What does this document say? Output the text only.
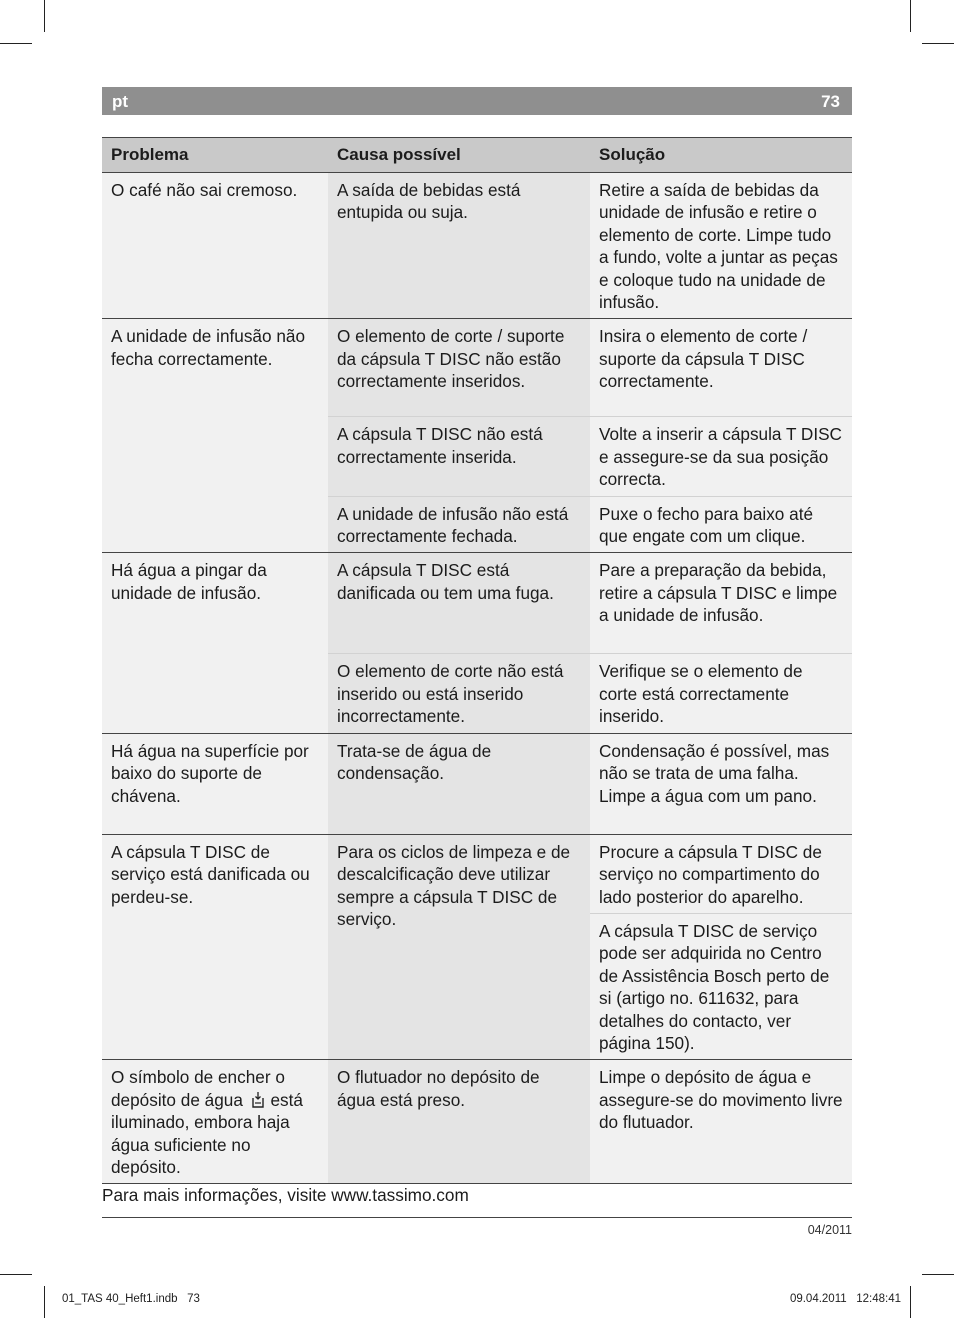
pt	73
Problema	Causa possível	Solução
O café não sai cremoso.	A saída de bebidas está entupida ou suja.	Retire a saída de bebidas da unidade de infusão e retire o elemento de corte. Limpe tudo a fundo, volte a juntar as peças e coloque tudo na unidade de infusão.
A unidade de infusão não fecha correctamente.	O elemento de corte / suporte da cápsula T DISC não estão correctamente inseridos.	Insira o elemento de corte / suporte da cápsula T DISC correctamente.
	A cápsula T DISC não está correctamente inserida.	Volte a inserir a cápsula T DISC e assegure-se da sua posição correcta.
	A unidade de infusão não está correctamente fechada.	Puxe o fecho para baixo até que engate com um clique.
Há água a pingar da unidade de infusão.	A cápsula T DISC está danificada ou tem uma fuga.	Pare a preparação da bebida, retire a cápsula T DISC e limpe a unidade de infusão.
	O elemento de corte não está inserido ou está inserido incorrectamente.	Verifique se o elemento de corte está correctamente inserido.
Há água na superfície por baixo do suporte de chávena.	Trata-se de água de condensação.	Condensação é possível, mas não se trata de uma falha. Limpe a água com um pano.
A cápsula T DISC de serviço está danificada ou perdeu-se.	Para os ciclos de limpeza e de descalcificação deve utilizar sempre a cápsula T DISC de serviço.	Procure a cápsula T DISC de serviço no compartimento do lado posterior do aparelho.
		A cápsula T DISC de serviço pode ser adquirida no Centro de Assistência Bosch perto de si (artigo no. 611632, para detalhes do contacto, ver página 150).
O símbolo de encher o depósito de água está iluminado, embora haja água suficiente no depósito.	O flutuador no depósito de água está preso.	Limpe o depósito de água e assegure-se do movimento livre do flutuador.
Para mais informações, visite www.tassimo.com
04/2011
01_TAS 40_Heft1.indb   73	09.04.2011   12:48:41
